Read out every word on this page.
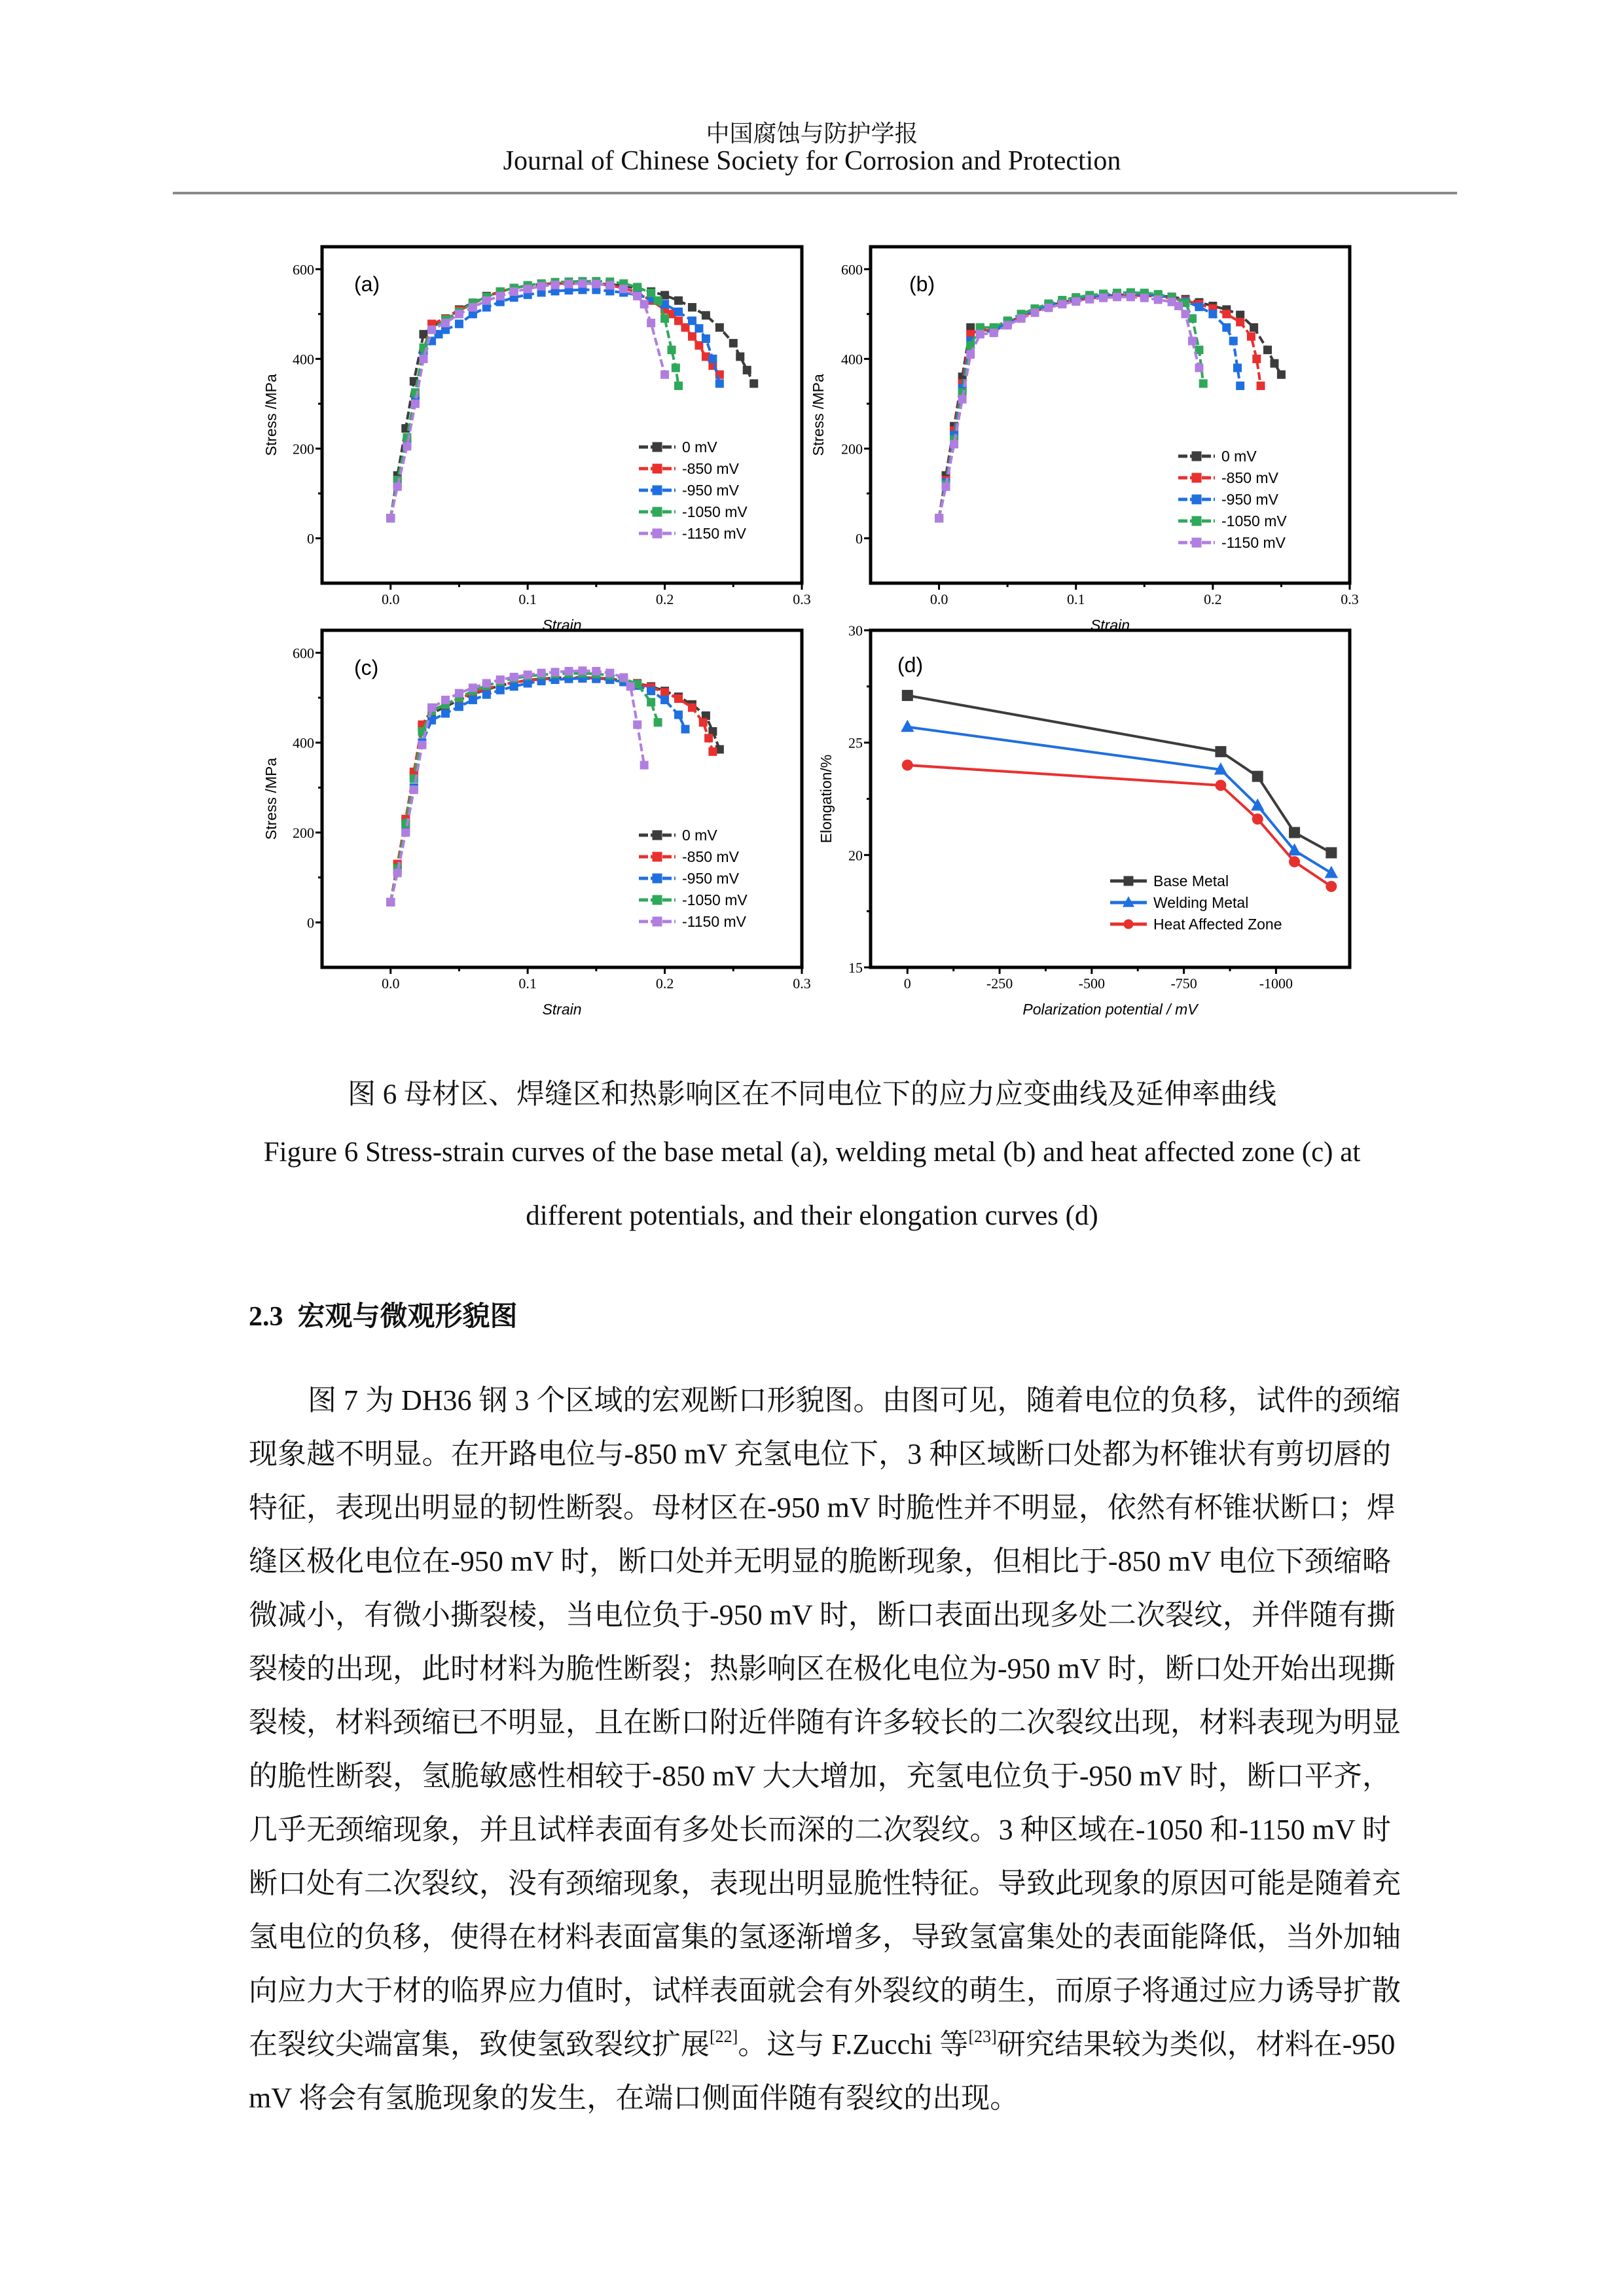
中国腐蚀与防护学报
Journal of Chinese Society for Corrosion and Protection
0.0	0.1	0.2	0.3
0
200
400
600
Strain
Stress /MPa
(a)
0 mV
-850 mV
-950 mV
-1050 mV
-1150 mV
0.0	0.1	0.2	0.3
0
200
400
600
Strain
Stress /MPa
(b)
0 mV
-850 mV
-950 mV
-1050 mV
-1150 mV
0.0	0.1	0.2	0.3
0
200
400
600
Strain
Stress /MPa
(c)
0 mV
-850 mV
-950 mV
-1050 mV
-1150 mV
0	-250	-500	-750	-1000
15
20
25
30
Polarization potential / mV
Elongation/%
(d)
Base Metal
Welding Metal
Heat Affected Zone
图 6 母材区、焊缝区和热影响区在不同电位下的应力应变曲线及延伸率曲线
Figure 6 Stress-strain curves of the base metal (a), welding metal (b) and heat affected zone (c) at
different potentials, and their elongation curves (d)
2.3 宏观与微观形貌图
图 7 为 DH36 钢 3 个区域的宏观断口形貌图。由图可见，随着电位的负移，试件的颈缩
现象越不明显。在开路电位与-850 mV 充氢电位下，3 种区域断口处都为杯锥状有剪切唇的
特征，表现出明显的韧性断裂。母材区在-950 mV 时脆性并不明显，依然有杯锥状断口；焊
缝区极化电位在-950 mV 时，断口处并无明显的脆断现象，但相比于-850 mV 电位下颈缩略
微减小，有微小撕裂棱，当电位负于-950 mV 时，断口表面出现多处二次裂纹，并伴随有撕
裂棱的出现，此时材料为脆性断裂；热影响区在极化电位为-950 mV 时，断口处开始出现撕
裂棱，材料颈缩已不明显，且在断口附近伴随有许多较长的二次裂纹出现，材料表现为明显
的脆性断裂，氢脆敏感性相较于-850 mV 大大增加，充氢电位负于-950 mV 时，断口平齐，
几乎无颈缩现象，并且试样表面有多处长而深的二次裂纹。3 种区域在-1050 和-1150 mV 时
断口处有二次裂纹，没有颈缩现象，表现出明显脆性特征。导致此现象的原因可能是随着充
氢电位的负移，使得在材料表面富集的氢逐渐增多，导致氢富集处的表面能降低，当外加轴
向应力大于材的临界应力值时，试样表面就会有外裂纹的萌生，而原子将通过应力诱导扩散
在裂纹尖端富集，致使氢致裂纹扩展[22]。这与 F.Zucchi 等[23]研究结果较为类似，材料在-950
mV 将会有氢脆现象的发生，在端口侧面伴随有裂纹的出现。
